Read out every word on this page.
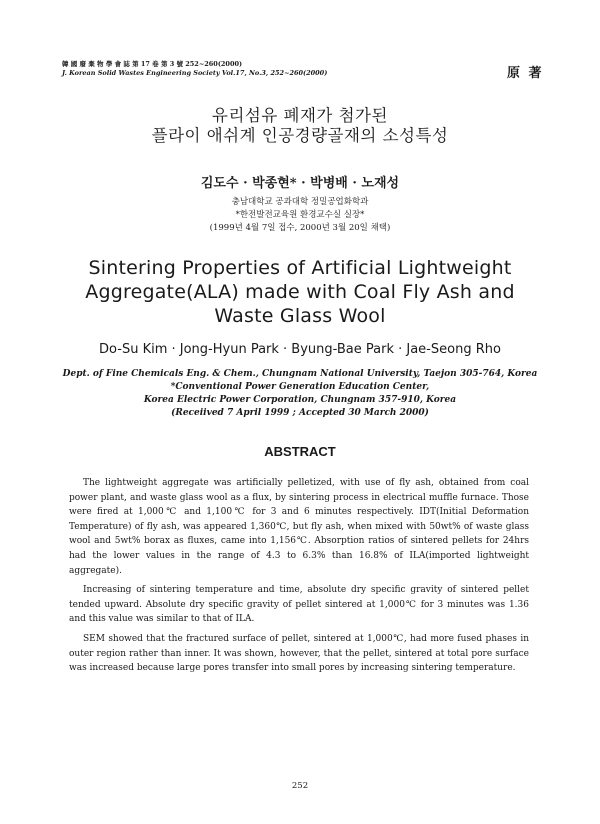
韓 國 廢 棄 物 學 會 誌 第 17 卷 第 3 號 252~260(2000)
J. Korean Solid Wastes Engineering Society Vol.17, No.3, 252~260(2000)	原 著
유리섬유 폐재가 첨가된
플라이 애쉬계 인공경량골재의 소성특성
김도수 · 박종현* · 박병배 · 노재성
충남대학교 공과대학 정밀공업화학과
*한전발전교육원 환경교수실 실장*
(1999년 4월 7일 접수, 2000년 3월 20일 채택)
Sintering Properties of Artificial Lightweight
Aggregate(ALA) made with Coal Fly Ash and
Waste Glass Wool
Do-Su Kim · Jong-Hyun Park · Byung-Bae Park · Jae-Seong Rho
Dept. of Fine Chemicals Eng. & Chem., Chungnam National University, Taejon 305-764, Korea
*Conventional Power Generation Education Center,
Korea Electric Power Corporation, Chungnam 357-910, Korea
(Receiived 7 April 1999 ; Accepted 30 March 2000)
ABSTRACT

The lightweight aggregate was artificially pelletized, with use of fly ash, obtained from coal power plant, and waste glass wool as a flux, by sintering process in electrical muffle furnace. Those were fired at 1,000℃ and 1,100℃ for 3 and 6 minutes respectively. IDT(Initial Deformation Temperature) of fly ash, was appeared 1,360℃, but fly ash, when mixed with 50wt% of waste glass wool and 5wt% borax as fluxes, came into 1,156℃. Absorption ratios of sintered pellets for 24hrs had the lower values in the range of 4.3 to 6.3% than 16.8% of ILA(imported lightweight aggregate).

Increasing of sintering temperature and time, absolute dry specific gravity of sintered pellet tended upward. Absolute dry specific gravity of pellet sintered at 1,000℃ for 3 minutes was 1.36 and this value was similar to that of ILA.

SEM showed that the fractured surface of pellet, sintered at 1,000℃, had more fused phases in outer region rather than inner. It was shown, however, that the pellet, sintered at total pore surface was increased because large pores transfer into small pores by increasing sintering temperature.

252
